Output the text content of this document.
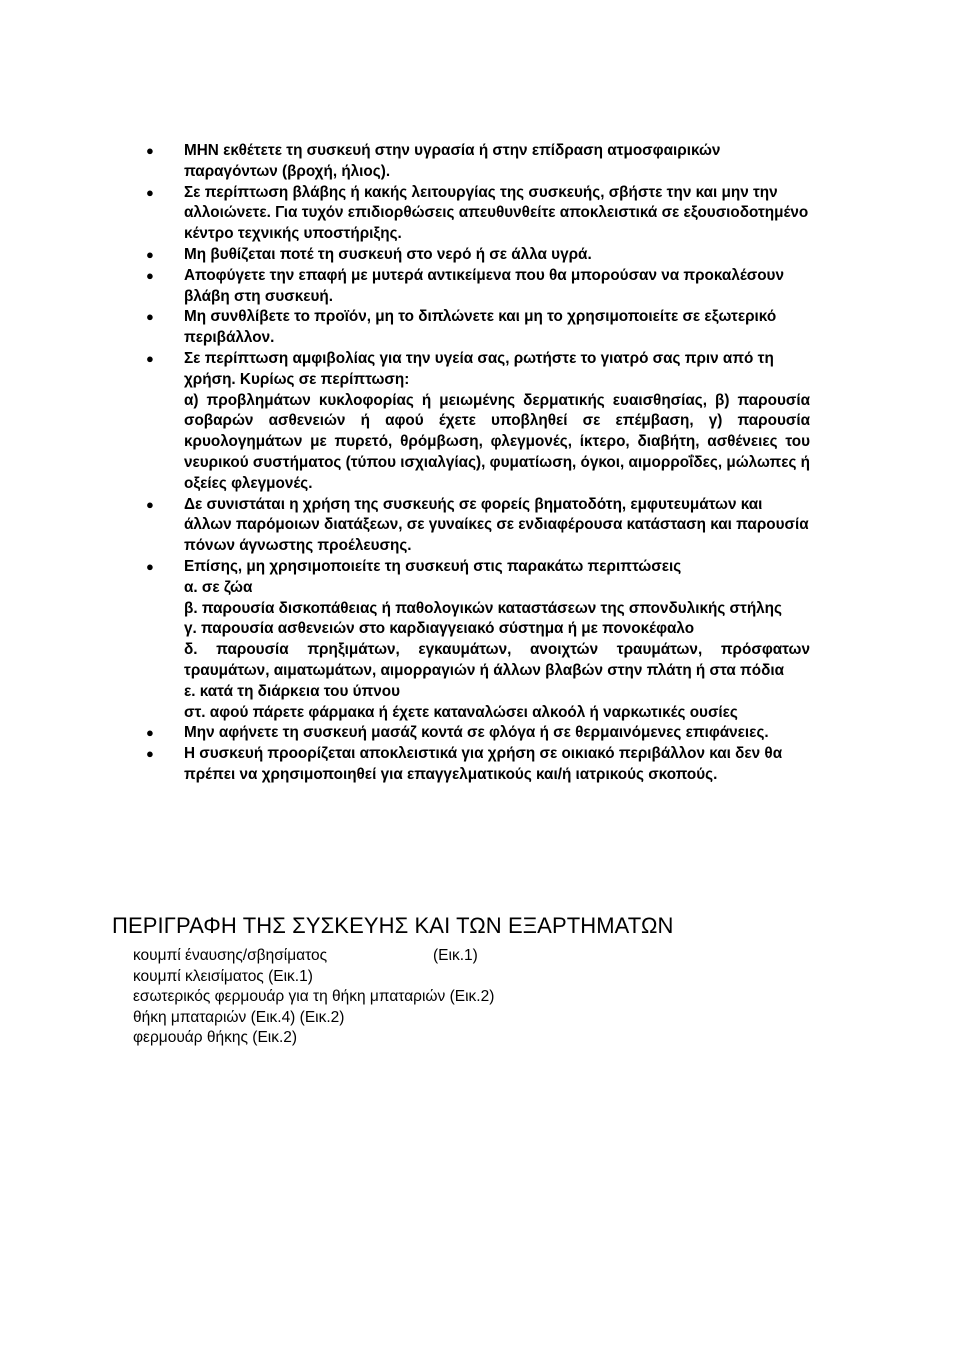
● ΜΗΝ εκθέτετε τη συσκευή στην υγρασία ή στην επίδραση ατμοσφαιρικών παραγόντων (βροχή, ήλιος).
● Σε περίπτωση βλάβης ή κακής λειτουργίας της συσκευής, σβήστε την και μην την αλλοιώνετε. Για τυχόν επιδιορθώσεις απευθυνθείτε αποκλειστικά σε εξουσιοδοτημένο κέντρο τεχνικής υποστήριξης.
● Μη βυθίζεται ποτέ τη συσκευή στο νερό ή σε άλλα υγρά.
● Αποφύγετε την επαφή με μυτερά αντικείμενα που θα μπορούσαν να προκαλέσουν βλάβη στη συσκευή.
● Μη συνθλίβετε το προϊόν, μη το διπλώνετε και μη το χρησιμοποιείτε σε εξωτερικό περιβάλλον.
● Σε περίπτωση αμφιβολίας για την υγεία σας, ρωτήστε το γιατρό σας πριν από τη χρήση. Κυρίως σε περίπτωση:
α) προβλημάτων κυκλοφορίας ή μειωμένης δερματικής ευαισθησίας, β) παρουσία σοβαρών ασθενειών ή αφού έχετε υποβληθεί σε επέμβαση, γ) παρουσία κρυολογημάτων με πυρετό, θρόμβωση, φλεγμονές, ίκτερο, διαβήτη, ασθένειες του νευρικού συστήματος (τύπου ισχιαλγίας), φυματίωση, όγκοι, αιμορροΐδες, μώλωπες ή οξείες φλεγμονές.
● Δε συνιστάται η χρήση της συσκευής σε φορείς βηματοδότη, εμφυτευμάτων και άλλων παρόμοιων διατάξεων, σε γυναίκες σε ενδιαφέρουσα κατάσταση και παρουσία πόνων άγνωστης προέλευσης.
● Επίσης, μη χρησιμοποιείτε τη συσκευή στις παρακάτω περιπτώσεις
α. σε ζώα
β. παρουσία δισκοπάθειας ή παθολογικών καταστάσεων της σπονδυλικής στήλης
γ. παρουσία ασθενειών στο καρδιαγγειακό σύστημα ή με πονοκέφαλο
δ. παρουσία πρηξιμάτων, εγκαυμάτων, ανοιχτών τραυμάτων, πρόσφατων τραυμάτων, αιματωμάτων, αιμορραγιών ή άλλων βλαβών στην πλάτη ή στα πόδια
ε. κατά τη διάρκεια του ύπνου
στ. αφού πάρετε φάρμακα ή έχετε καταναλώσει αλκοόλ ή ναρκωτικές ουσίες
● Μην αφήνετε τη συσκευή μασάζ κοντά σε φλόγα ή σε θερμαινόμενες επιφάνειες.
● Η συσκευή προορίζεται αποκλειστικά για χρήση σε οικιακό περιβάλλον και δεν θα πρέπει να χρησιμοποιηθεί για επαγγελματικούς και/ή ιατρικούς σκοπούς.
ΠΕΡΙΓΡΑΦΗ ΤΗΣ ΣΥΣΚΕΥΗΣ ΚΑΙ ΤΩΝ ΕΞΑΡΤΗΜΑΤΩΝ
κουμπί έναυσης/σβησίματος	(Εικ.1)
κουμπί κλεισίματος (Εικ.1)
εσωτερικός φερμουάρ για τη θήκη μπαταριών (Εικ.2)
θήκη μπαταριών (Εικ.4) (Εικ.2)
φερμουάρ θήκης (Εικ.2)
